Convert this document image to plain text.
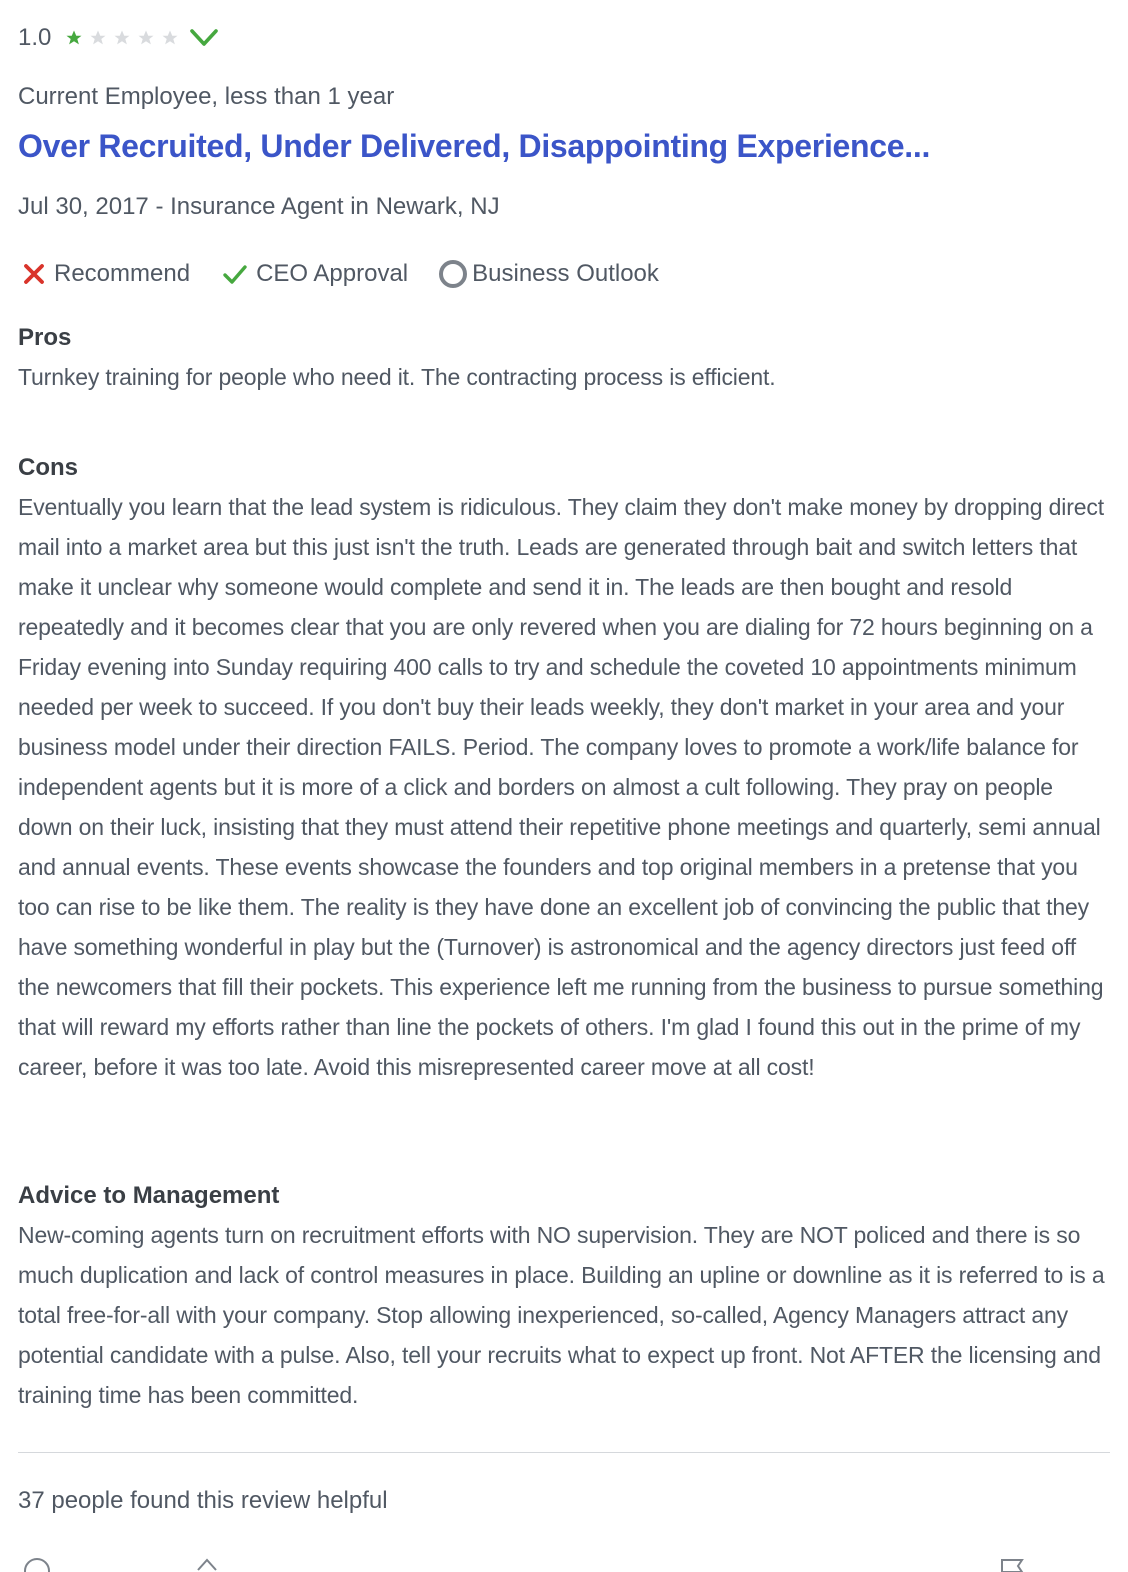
1.0
Current Employee, less than 1 year
Over Recruited, Under Delivered, Disappointing Experience...
Jul 30, 2017 - Insurance Agent in Newark, NJ
Recommend	CEO Approval	Business Outlook
Pros
Turnkey training for people who need it. The contracting process is efficient.
Cons
Eventually you learn that the lead system is ridiculous. They claim they don't make money by dropping direct mail into a market area but this just isn't the truth. Leads are generated through bait and switch letters that make it unclear why someone would complete and send it in. The leads are then bought and resold repeatedly and it becomes clear that you are only revered when you are dialing for 72 hours beginning on a Friday evening into Sunday requiring 400 calls to try and schedule the coveted 10 appointments minimum needed per week to succeed. If you don't buy their leads weekly, they don't market in your area and your business model under their direction FAILS. Period. The company loves to promote a work/life balance for independent agents but it is more of a click and borders on almost a cult following. They pray on people down on their luck, insisting that they must attend their repetitive phone meetings and quarterly, semi annual and annual events. These events showcase the founders and top original members in a pretense that you too can rise to be like them. The reality is they have done an excellent job of convincing the public that they have something wonderful in play but the (Turnover) is astronomical and the agency directors just feed off the newcomers that fill their pockets. This experience left me running from the business to pursue something that will reward my efforts rather than line the pockets of others. I'm glad I found this out in the prime of my career, before it was too late. Avoid this misrepresented career move at all cost!
Advice to Management
New-coming agents turn on recruitment efforts with NO supervision. They are NOT policed and there is so much duplication and lack of control measures in place. Building an upline or downline as it is referred to is a total free-for-all with your company. Stop allowing inexperienced, so-called, Agency Managers attract any potential candidate with a pulse. Also, tell your recruits what to expect up front. Not AFTER the licensing and training time has been committed.
37 people found this review helpful
